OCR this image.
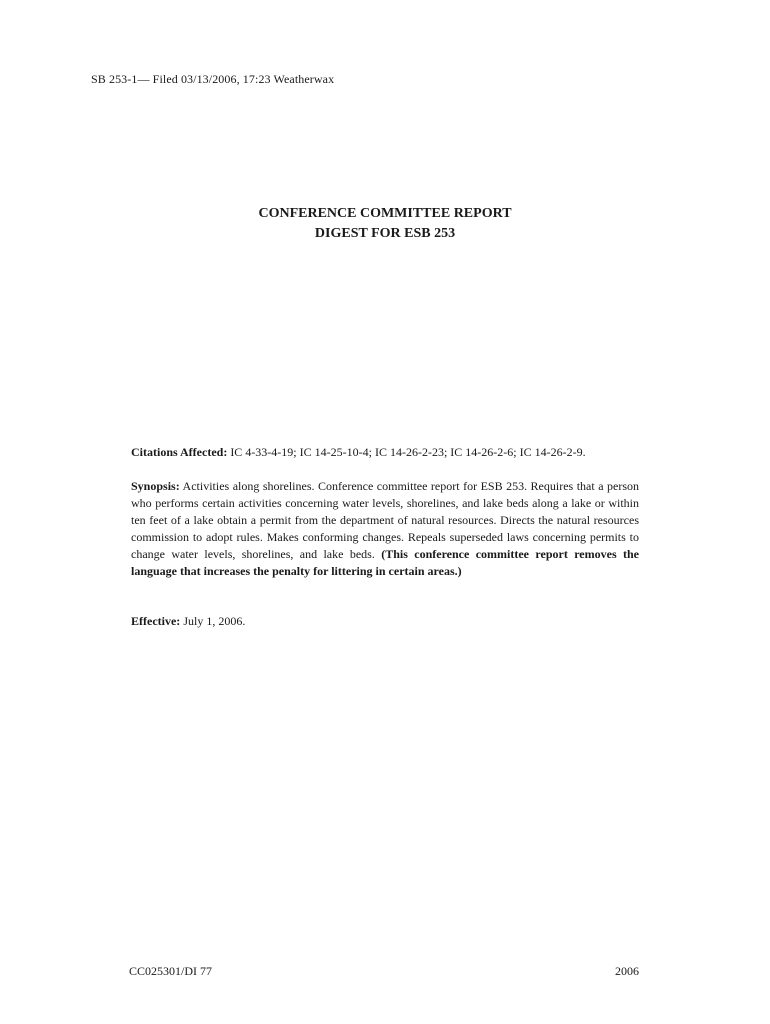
SB 253-1— Filed 03/13/2006, 17:23 Weatherwax
CONFERENCE COMMITTEE REPORT
DIGEST FOR ESB 253
Citations Affected: IC 4-33-4-19; IC 14-25-10-4; IC 14-26-2-23; IC 14-26-2-6; IC 14-26-2-9.
Synopsis: Activities along shorelines. Conference committee report for ESB 253. Requires that a person who performs certain activities concerning water levels, shorelines, and lake beds along a lake or within ten feet of a lake obtain a permit from the department of natural resources. Directs the natural resources commission to adopt rules. Makes conforming changes. Repeals superseded laws concerning permits to change water levels, shorelines, and lake beds. (This conference committee report removes the language that increases the penalty for littering in certain areas.)
Effective: July 1, 2006.
CC025301/DI 77	2006
